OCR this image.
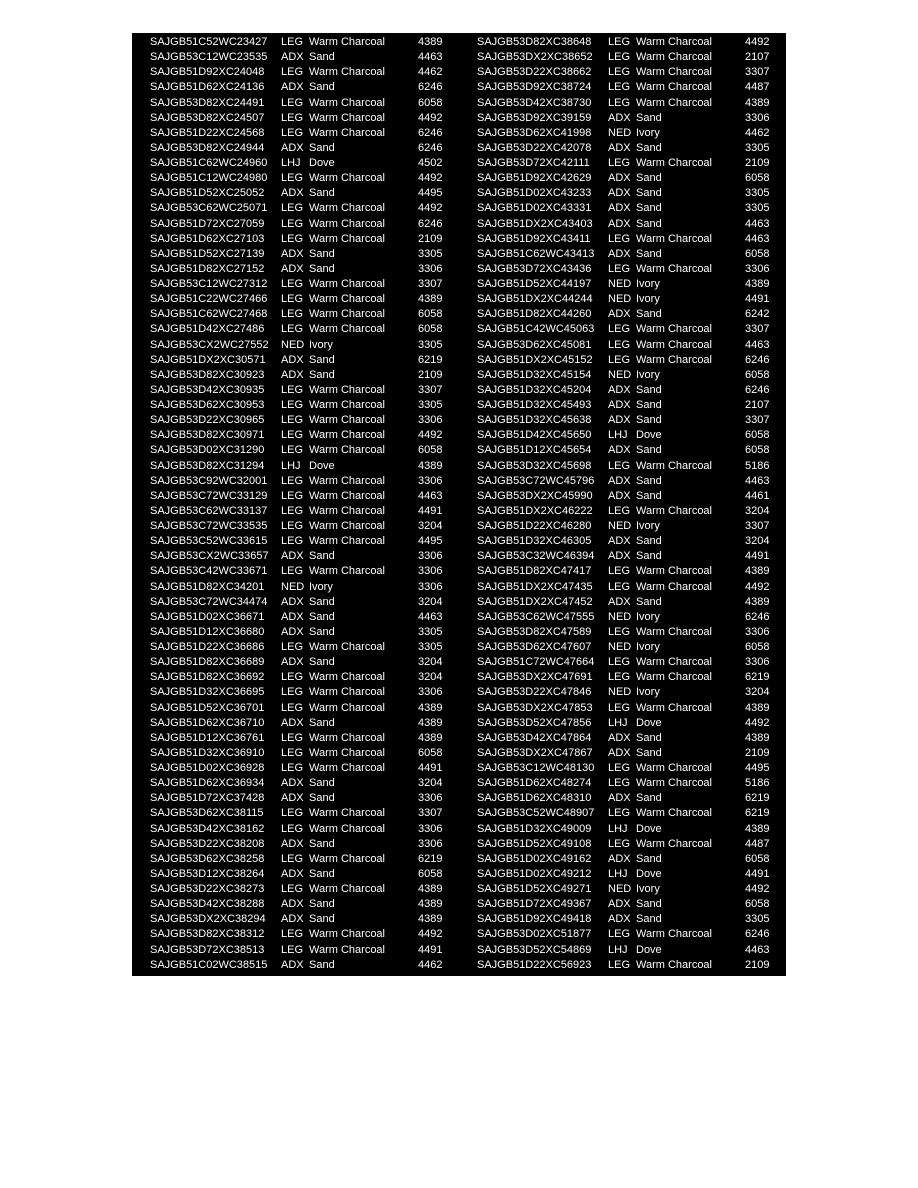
SAJGB51C52WC23427 LEG Warm Charcoal	4389
SAJGB53C12WC23535 ADX Sand	4463
SAJGB51D92XC24048 LEG Warm Charcoal	4462
SAJGB51D62XC24136 ADX Sand	6246
SAJGB53D82XC24491 LEG Warm Charcoal	6058
SAJGB53D82XC24507 LEG Warm Charcoal	4492
SAJGB51D22XC24568 LEG Warm Charcoal	6246
SAJGB53D82XC24944 ADX Sand	6246
SAJGB51C62WC24960 LHJ Dove	4502
SAJGB51C12WC24980 LEG Warm Charcoal	4492
SAJGB51D52XC25052 ADX Sand	4495
SAJGB53C62WC25071 LEG Warm Charcoal	4492
SAJGB51D72XC27059 LEG Warm Charcoal	6246
SAJGB51D62XC27103 LEG Warm Charcoal	2109
SAJGB51D52XC27139 ADX Sand	3305
SAJGB51D82XC27152 ADX Sand	3306
SAJGB53C12WC27312 LEG Warm Charcoal	3307
SAJGB51C22WC27466 LEG Warm Charcoal	4389
SAJGB51C62WC27468 LEG Warm Charcoal	6058
SAJGB51D42XC27486 LEG Warm Charcoal	6058
SAJGB53CX2WC27552 NED Ivory	3305
SAJGB51DX2XC30571 ADX Sand	6219
SAJGB53D82XC30923 ADX Sand	2109
SAJGB53D42XC30935 LEG Warm Charcoal	3307
SAJGB53D62XC30953 LEG Warm Charcoal	3305
SAJGB53D22XC30965 LEG Warm Charcoal	3306
SAJGB53D82XC30971 LEG Warm Charcoal	4492
SAJGB53D02XC31290 LEG Warm Charcoal	6058
SAJGB53D82XC31294 LHJ Dove	4389
SAJGB53C92WC32001 LEG Warm Charcoal	3306
SAJGB53C72WC33129 LEG Warm Charcoal	4463
SAJGB53C62WC33137 LEG Warm Charcoal	4491
SAJGB53C72WC33535 LEG Warm Charcoal	3204
SAJGB53C52WC33615 LEG Warm Charcoal	4495
SAJGB53CX2WC33657 ADX Sand	3306
SAJGB53C42WC33671 LEG Warm Charcoal	3306
SAJGB51D82XC34201 NED Ivory	3306
SAJGB53C72WC34474 ADX Sand	3204
SAJGB51D02XC36671 ADX Sand	4463
SAJGB51D12XC36680 ADX Sand	3305
SAJGB51D22XC36686 LEG Warm Charcoal	3305
SAJGB51D82XC36689 ADX Sand	3204
SAJGB51D82XC36692 LEG Warm Charcoal	3204
SAJGB51D32XC36695 LEG Warm Charcoal	3306
SAJGB51D52XC36701 LEG Warm Charcoal	4389
SAJGB51D62XC36710 ADX Sand	4389
SAJGB51D12XC36761 LEG Warm Charcoal	4389
SAJGB51D32XC36910 LEG Warm Charcoal	6058
SAJGB51D02XC36928 LEG Warm Charcoal	4491
SAJGB51D62XC36934 ADX Sand	3204
SAJGB51D72XC37428 ADX Sand	3306
SAJGB53D62XC38115 LEG Warm Charcoal	3307
SAJGB53D42XC38162 LEG Warm Charcoal	3306
SAJGB53D22XC38208 ADX Sand	3306
SAJGB53D62XC38258 LEG Warm Charcoal	6219
SAJGB53D12XC38264 ADX Sand	6058
SAJGB53D22XC38273 LEG Warm Charcoal	4389
SAJGB53D42XC38288 ADX Sand	4389
SAJGB53DX2XC38294 ADX Sand	4389
SAJGB53D82XC38312 LEG Warm Charcoal	4492
SAJGB53D72XC38513 LEG Warm Charcoal	4491
SAJGB51C02WC38515 ADX Sand	4462
SAJGB53D82XC38648 LEG Warm Charcoal	4492
SAJGB53DX2XC38652 LEG Warm Charcoal	2107
SAJGB53D22XC38662 LEG Warm Charcoal	3307
SAJGB53D92XC38724 LEG Warm Charcoal	4487
SAJGB53D42XC38730 LEG Warm Charcoal	4389
SAJGB53D92XC39159 ADX Sand	3306
SAJGB53D62XC41998 NED Ivory	4462
SAJGB53D22XC42078 ADX Sand	3305
SAJGB53D72XC42111 LEG Warm Charcoal	2109
SAJGB51D92XC42629 ADX Sand	6058
SAJGB51D02XC43233 ADX Sand	3305
SAJGB51D02XC43331 ADX Sand	3305
SAJGB51DX2XC43403 ADX Sand	4463
SAJGB51D92XC43411 LEG Warm Charcoal	4463
SAJGB51C62WC43413 ADX Sand	6058
SAJGB53D72XC43436 LEG Warm Charcoal	3306
SAJGB51D52XC44197 NED Ivory	4389
SAJGB51DX2XC44244 NED Ivory	4491
SAJGB51D82XC44260 ADX Sand	6242
SAJGB51C42WC45063 LEG Warm Charcoal	3307
SAJGB53D62XC45081 LEG Warm Charcoal	4463
SAJGB51DX2XC45152 LEG Warm Charcoal	6246
SAJGB51D32XC45154 NED Ivory	6058
SAJGB51D32XC45204 ADX Sand	6246
SAJGB51D32XC45493 ADX Sand	2107
SAJGB51D32XC45638 ADX Sand	3307
SAJGB51D42XC45650 LHJ Dove	6058
SAJGB51D12XC45654 ADX Sand	6058
SAJGB53D32XC45698 LEG Warm Charcoal	5186
SAJGB53C72WC45796 ADX Sand	4463
SAJGB53DX2XC45990 ADX Sand	4461
SAJGB51DX2XC46222 LEG Warm Charcoal	3204
SAJGB51D22XC46280 NED Ivory	3307
SAJGB51D32XC46305 ADX Sand	3204
SAJGB53C32WC46394 ADX Sand	4491
SAJGB51D82XC47417 LEG Warm Charcoal	4389
SAJGB51DX2XC47435 LEG Warm Charcoal	4492
SAJGB51DX2XC47452 ADX Sand	4389
SAJGB53C62WC47555 NED Ivory	6246
SAJGB53D82XC47589 LEG Warm Charcoal	3306
SAJGB53D62XC47607 NED Ivory	6058
SAJGB51C72WC47664 LEG Warm Charcoal	3306
SAJGB53DX2XC47691 LEG Warm Charcoal	6219
SAJGB53D22XC47846 NED Ivory	3204
SAJGB53DX2XC47853 LEG Warm Charcoal	4389
SAJGB53D52XC47856 LHJ Dove	4492
SAJGB53D42XC47864 ADX Sand	4389
SAJGB53DX2XC47867 ADX Sand	2109
SAJGB53C12WC48130 LEG Warm Charcoal	4495
SAJGB51D62XC48274 LEG Warm Charcoal	5186
SAJGB51D62XC48310 ADX Sand	6219
SAJGB53C52WC48907 LEG Warm Charcoal	6219
SAJGB51D32XC49009 LHJ Dove	4389
SAJGB51D52XC49108 LEG Warm Charcoal	4487
SAJGB51D02XC49162 ADX Sand	6058
SAJGB51D02XC49212 LHJ Dove	4491
SAJGB51D52XC49271 NED Ivory	4492
SAJGB51D72XC49367 ADX Sand	6058
SAJGB51D92XC49418 ADX Sand	3305
SAJGB53D02XC51877 LEG Warm Charcoal	6246
SAJGB53D52XC54869 LHJ Dove	4463
SAJGB51D22XC56923 LEG Warm Charcoal	2109
